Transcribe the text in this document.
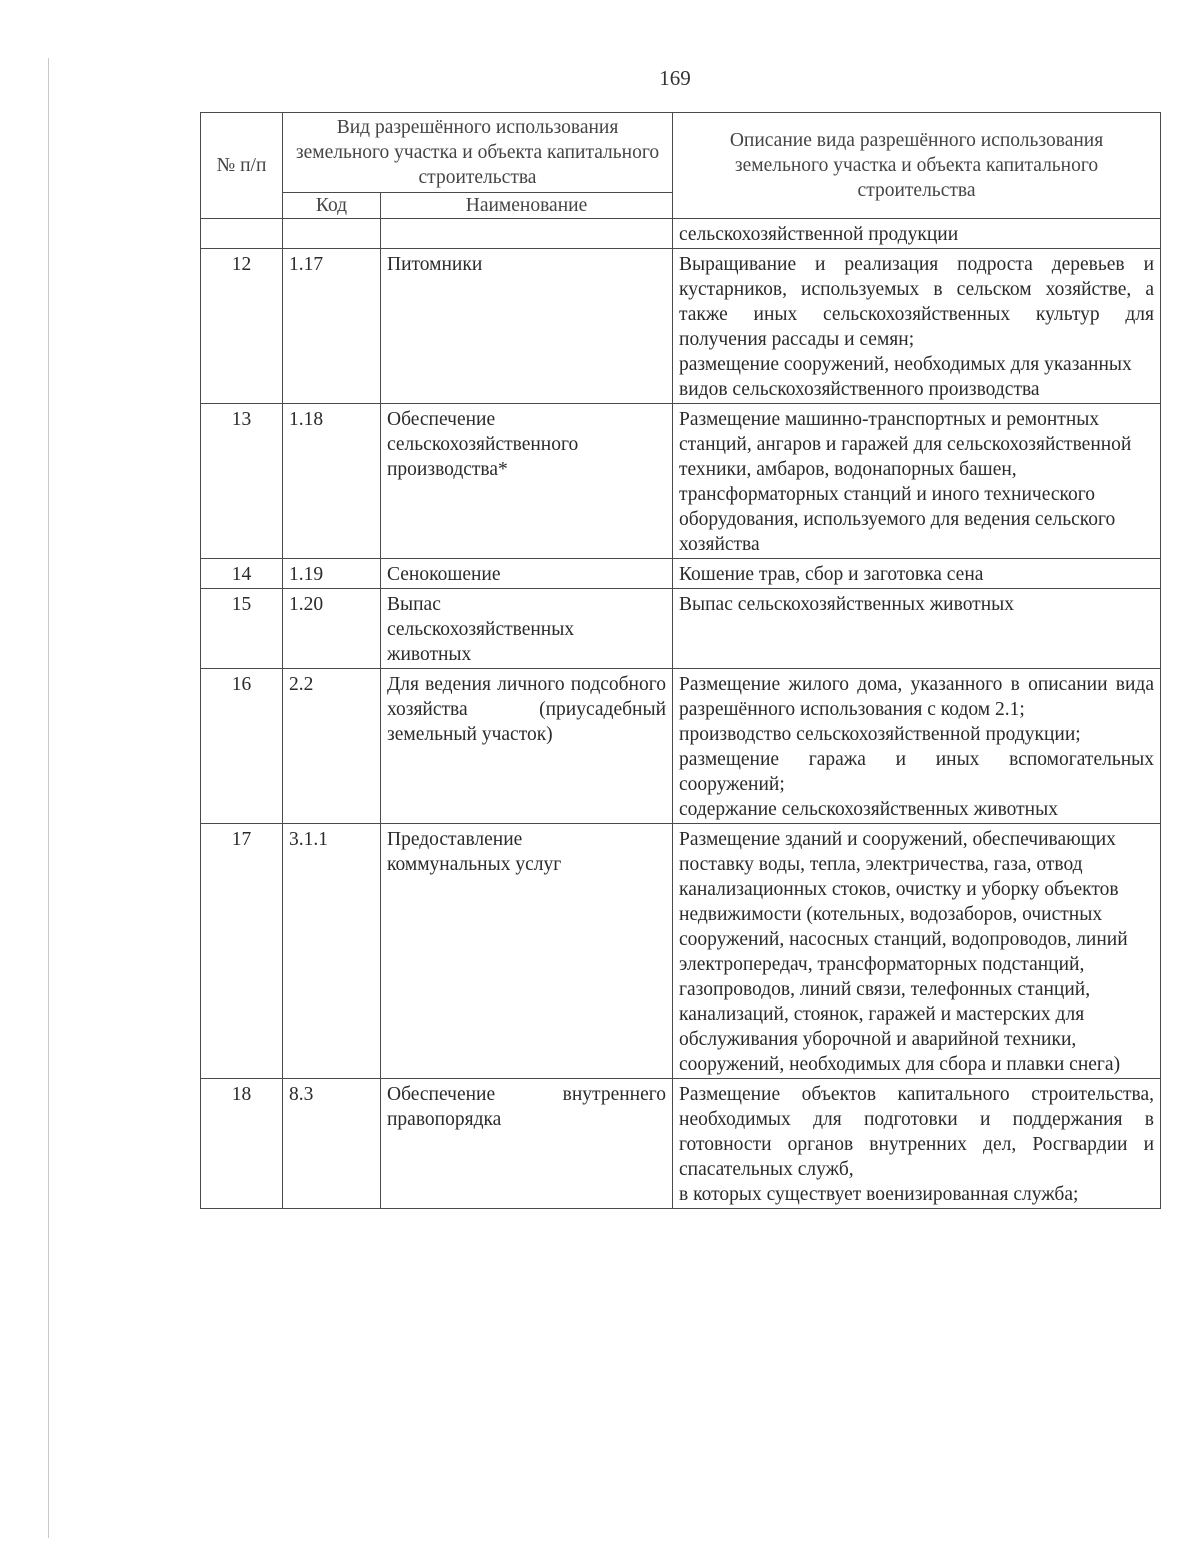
169
№ п/п	Вид разрешённого использования земельного участка и объекта капитального строительства		Описание вида разрешённого использования земельного участка и объекта капитального строительства
	Код	Наименование	
			сельскохозяйственной продукции
12	1.17	Питомники	Выращивание и реализация подроста деревьев и кустарников, используемых в сельском хозяйстве, а также иных сельскохозяйственных культур для получения рассады и семян;

размещение сооружений, необходимых для указанных видов сельскохозяйственного производства

13	1.18	Обеспечение сельскохозяйственного производства*	Размещение машинно-транспортных и ремонтных станций, ангаров и гаражей для сельскохозяйственной техники, амбаров, водонапорных башен, трансформаторных станций и иного технического оборудования, используемого для ведения сельского хозяйства

14	1.19	Сенокошение	Кошение трав, сбор и заготовка сена

15	1.20	Выпас сельскохозяйственных животных	Выпас сельскохозяйственных животных

16	2.2	Для ведения личного подсобного хозяйства (приусадебный земельный участок)	Размещение жилого дома, указанного в описании вида разрешённого использования с кодом 2.1;

производство сельскохозяйственной продукции;

размещение гаража и иных вспомогательных сооружений;

содержание сельскохозяйственных животных

17	3.1.1	Предоставление коммунальных услуг	Размещение зданий и сооружений, обеспечивающих поставку воды, тепла, электричества, газа, отвод канализационных стоков, очистку и уборку объектов недвижимости (котельных, водозаборов, очистных сооружений, насосных станций, водопроводов, линий электропередач, трансформаторных подстанций, газопроводов, линий связи, телефонных станций, канализаций, стоянок, гаражей и мастерских для обслуживания уборочной и аварийной техники, сооружений, необходимых для сбора и плавки снега)

18	8.3	Обеспечение внутреннего правопорядка	Размещение объектов капитального строительства, необходимых для подготовки и поддержания в готовности органов внутренних дел, Росгвардии и спасательных служб,

в которых существует военизированная служба;
